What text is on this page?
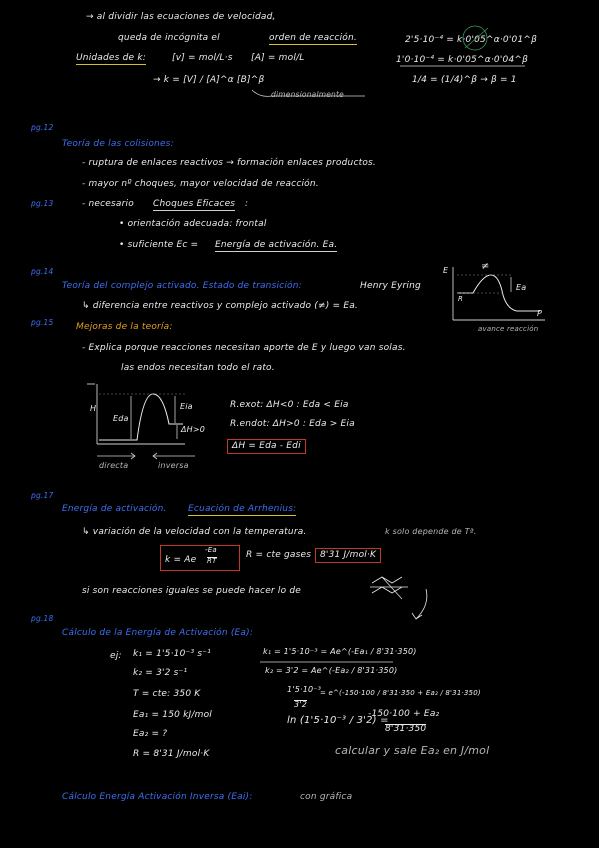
→ al dividir las ecuaciones de velocidad,
queda de incógnita el	orden de reacción.
Unidades de k:	[v] = mol/L·s [A] = mol/L
→ k = [V] / [A]^α [B]^β
dimensionalmente
2'5·10⁻⁴ = k·0'05^α·0'01^β
1'0·10⁻⁴ = k·0'05^α·0'04^β
1/4 = (1/4)^β → β = 1
pg.12
Teoría de las colisiones:
- ruptura de enlaces reactivos → formación enlaces productos.
- mayor nº choques, mayor velocidad de reacción.
pg.13	- necesario Choques Eficaces :
• orientación adecuada: frontal
• suficiente Ec = Energía de activación. Ea.
pg.14
Teoría del complejo activado. Estado de transición:	Henry Eyring
↳ diferencia entre reactivos y complejo activado (≠) = Ea.
E	≠
Ea
R
P
avance reacción
pg.15	Mejoras de la teoría:
- Explica porque reacciones necesitan aporte de E y luego van solas.
las endos necesitan todo el rato.
H
Eda
Eia
ΔH>0
directa	inversa
R.exot: ΔH<0 : Eda < Eia
R.endot: ΔH>0 : Eda > Eia
ΔH = Eda - Edi
pg.17
Energía de activación. Ecuación de Arrhenius:
↳ variación de la velocidad con la temperatura.	k solo depende de Tª.
k = Ae
-Ea
RT
R = cte gases 8'31 J/mol·K
si son reacciones iguales se puede hacer lo de
pg.18
Cálculo de la Energía de Activación (Ea):
ej: k₁ = 1'5·10⁻³ s⁻¹
k₂ = 3'2 s⁻¹
T = cte: 350 K
Ea₁ = 150 kJ/mol
Ea₂ = ?
R = 8'31 J/mol·K
k₁ = 1'5·10⁻³ = Ae^(-Ea₁ / 8'31·350)
k₂ = 3'2 = Ae^(-Ea₂ / 8'31·350)
1'5·10⁻³
3'2
= e^(-150·100 / 8'31·350 + Ea₂ / 8'31·350)
ln (1'5·10⁻³ / 3'2) =
-150·100 + Ea₂
8'31·350
calcular y sale Ea₂ en J/mol
Cálculo Energía Activación Inversa (Eai):	con gráfica
